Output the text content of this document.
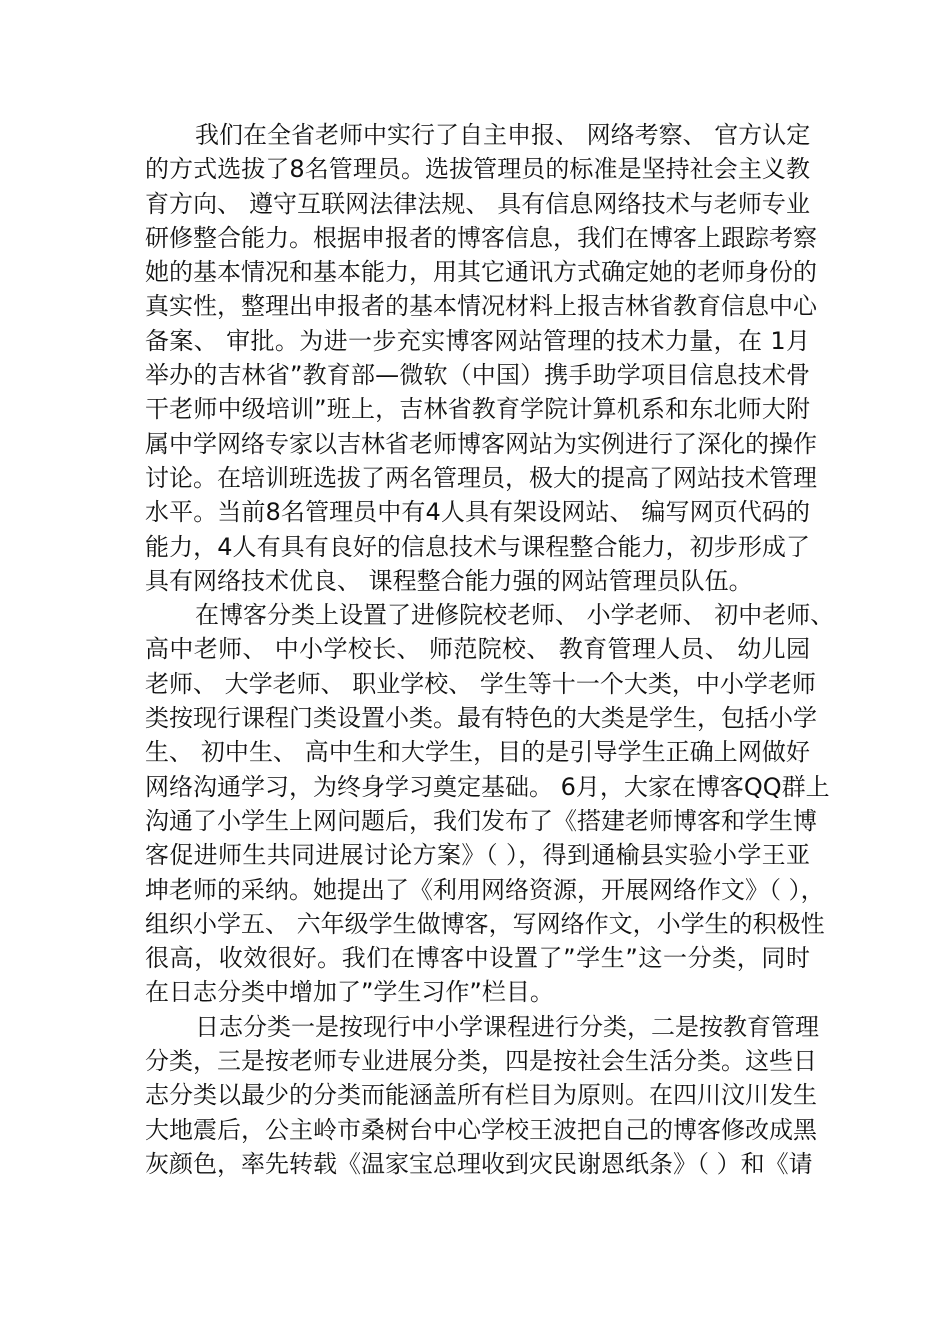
我们在全省老师中实行了自主申报、 网络考察、 官方认定
的方式选拔了8名管理员。选拔管理员的标准是坚持社会主义教
育方向、 遵守互联网法律法规、 具有信息网络技术与老师专业
研修整合能力。根据申报者的博客信息，我们在博客上跟踪考察
她的基本情况和基本能力，用其它通讯方式确定她的老师身份的
真实性，整理出申报者的基本情况材料上报吉林省教育信息中心
备案、 审批。为进一步充实博客网站管理的技术力量，在 1月
举办的吉林省”教育部—微软（中国）携手助学项目信息技术骨
干老师中级培训”班上，吉林省教育学院计算机系和东北师大附
属中学网络专家以吉林省老师博客网站为实例进行了深化的操作
讨论。在培训班选拔了两名管理员，极大的提高了网站技术管理
水平。当前8名管理员中有4人具有架设网站、 编写网页代码的
能力，4人有具有良好的信息技术与课程整合能力，初步形成了
具有网络技术优良、 课程整合能力强的网站管理员队伍。
在博客分类上设置了进修院校老师、 小学老师、 初中老师、
高中老师、 中小学校长、 师范院校、 教育管理人员、 幼儿园
老师、 大学老师、 职业学校、 学生等十一个大类，中小学老师
类按现行课程门类设置小类。最有特色的大类是学生，包括小学
生、 初中生、 高中生和大学生，目的是引导学生正确上网做好
网络沟通学习，为终身学习奠定基础。 6月，大家在博客QQ群上
沟通了小学生上网问题后，我们发布了《搭建老师博客和学生博
客促进师生共同进展讨论方案》（ ），得到通榆县实验小学王亚
坤老师的采纳。她提出了《利用网络资源，开展网络作文》（ ），
组织小学五、 六年级学生做博客，写网络作文，小学生的积极性
很高，收效很好。我们在博客中设置了”学生”这一分类，同时
在日志分类中增加了”学生习作”栏目。
日志分类一是按现行中小学课程进行分类，二是按教育管理
分类，三是按老师专业进展分类，四是按社会生活分类。这些日
志分类以最少的分类而能涵盖所有栏目为原则。在四川汶川发生
大地震后，公主岭市桑树台中心学校王波把自己的博客修改成黑
灰颜色，率先转载《温家宝总理收到灾民谢恩纸条》（ ）和《请
